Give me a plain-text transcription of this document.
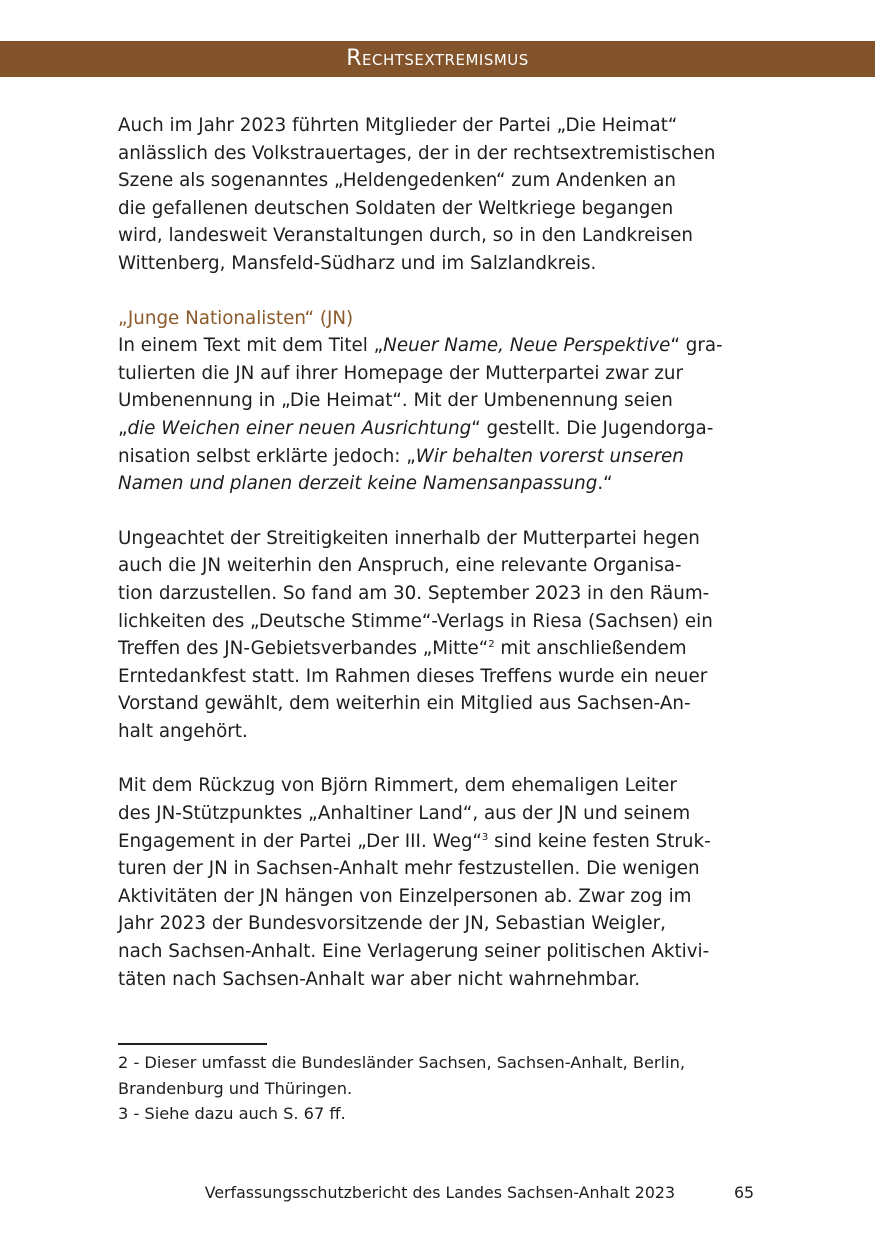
Rechtsextremismus

Auch im Jahr 2023 führten Mitglieder der Partei „Die Heimat“
anlässlich des Volkstrauertages, der in der rechtsextremistischen
Szene als sogenanntes „Heldengedenken“ zum Andenken an
die gefallenen deutschen Soldaten der Weltkriege begangen
wird, landesweit Veranstaltungen durch, so in den Landkreisen
Wittenberg, Mansfeld-Südharz und im Salzlandkreis.

„Junge Nationalisten“ (JN)
In einem Text mit dem Titel „Neuer Name, Neue Perspektive“ gra-
tulierten die JN auf ihrer Homepage der Mutterpartei zwar zur
Umbenennung in „Die Heimat“. Mit der Umbenennung seien
„die Weichen einer neuen Ausrichtung“ gestellt. Die Jugendorga-
nisation selbst erklärte jedoch: „Wir behalten vorerst unseren
Namen und planen derzeit keine Namensanpassung.“

Ungeachtet der Streitigkeiten innerhalb der Mutterpartei hegen
auch die JN weiterhin den Anspruch, eine relevante Organisa-
tion darzustellen. So fand am 30. September 2023 in den Räum-
lichkeiten des „Deutsche Stimme“-Verlags in Riesa (Sachsen) ein
Treffen des JN-Gebietsverbandes „Mitte“$^2$ mit anschließendem
Erntedankfest statt. Im Rahmen dieses Treffens wurde ein neuer
Vorstand gewählt, dem weiterhin ein Mitglied aus Sachsen-An-
halt angehört.

Mit dem Rückzug von Björn Rimmert, dem ehemaligen Leiter
des JN-Stützpunktes „Anhaltiner Land“, aus der JN und seinem
Engagement in der Partei „Der III. Weg“$^3$ sind keine festen Struk-
turen der JN in Sachsen-Anhalt mehr festzustellen. Die wenigen
Aktivitäten der JN hängen von Einzelpersonen ab. Zwar zog im
Jahr 2023 der Bundesvorsitzende der JN, Sebastian Weigler,
nach Sachsen-Anhalt. Eine Verlagerung seiner politischen Aktivi-
täten nach Sachsen-Anhalt war aber nicht wahrnehmbar.

2 - Dieser umfasst die Bundesländer Sachsen, Sachsen-Anhalt, Berlin,
Brandenburg und Thüringen.
3 - Siehe dazu auch S. 67 ff.
Verfassungsschutzbericht des Landes Sachsen-Anhalt 2023	65
